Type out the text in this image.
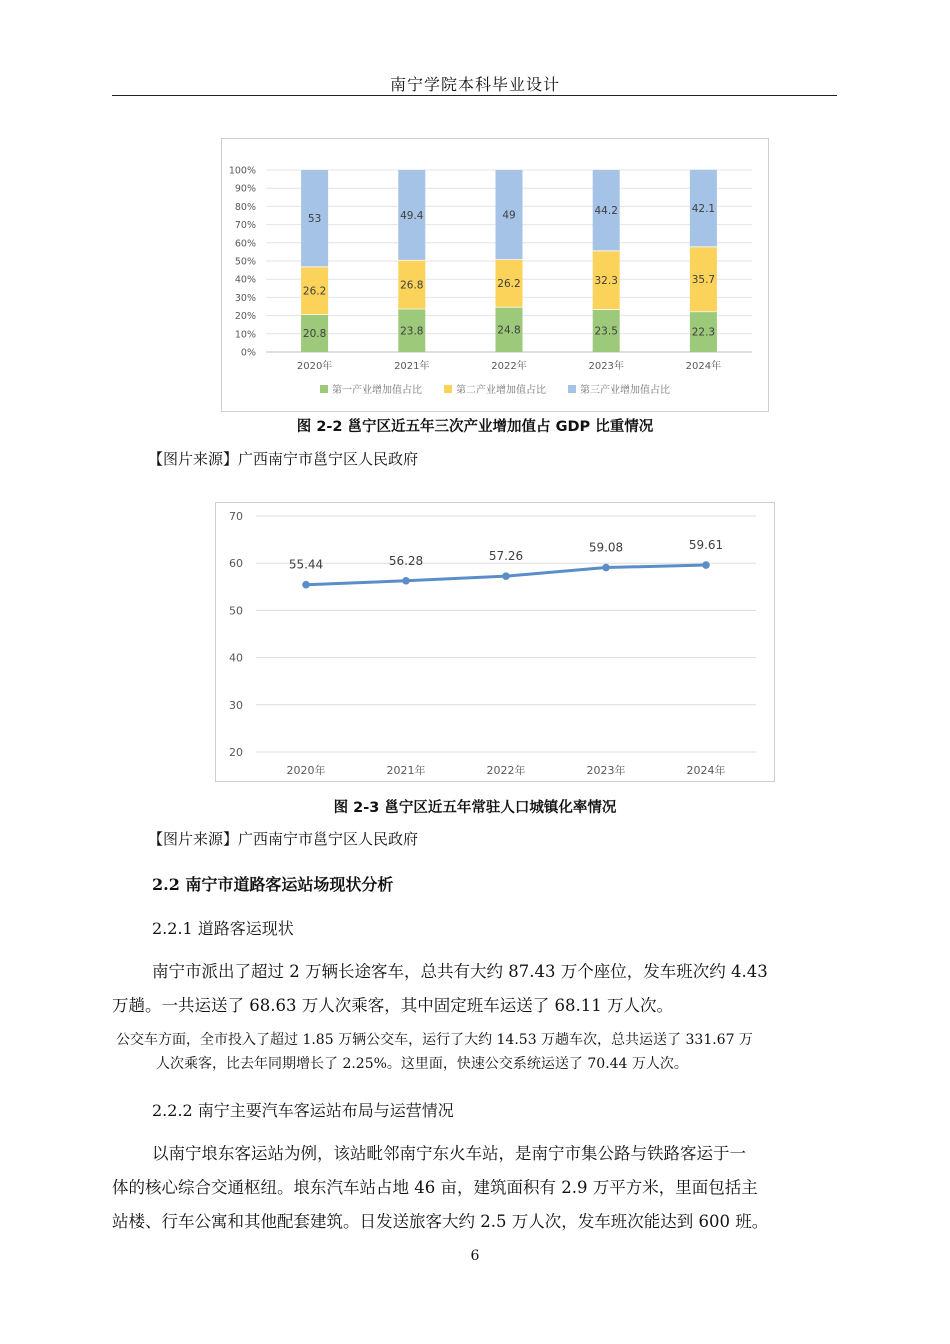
南宁学院本科毕业设计
0%
10%
20%
30%
40%
50%
60%
70%
80%
90%
100%
20.8
26.2
53
2020年
23.8
26.8
49.4
2021年
24.8
26.2
49
2022年
23.5
32.3
44.2
2023年
22.3
35.7
42.1
2024年
第一产业增加值占比	第二产业增加值占比	第三产业增加值占比
图 2-2 邕宁区近五年三次产业增加值占 GDP 比重情况
【图片来源】广西南宁市邕宁区人民政府
20
30
40
50
60
70
55.44	56.28	57.26
59.08	59.61
2020年	2021年	2022年	2023年	2024年
图 2-3 邕宁区近五年常驻人口城镇化率情况
【图片来源】广西南宁市邕宁区人民政府
2.2 南宁市道路客运站场现状分析
2.2.1 道路客运现状
南宁市派出了超过 2 万辆长途客车，总共有大约 87.43 万个座位，发车班次约 4.43
万趟。一共运送了 68.63 万人次乘客，其中固定班车运送了 68.11 万人次。
公交车方面，全市投入了超过 1.85 万辆公交车，运行了大约 14.53 万趟车次，总共运送了 331.67 万
人次乘客，比去年同期增长了 2.25%。这里面，快速公交系统运送了 70.44 万人次。
2.2.2 南宁主要汽车客运站布局与运营情况
以南宁埌东客运站为例，该站毗邻南宁东火车站，是南宁市集公路与铁路客运于一
体的核心综合交通枢纽。埌东汽车站占地 46 亩，建筑面积有 2.9 万平方米，里面包括主
站楼、行车公寓和其他配套建筑。日发送旅客大约 2.5 万人次，发车班次能达到 600 班。
6
